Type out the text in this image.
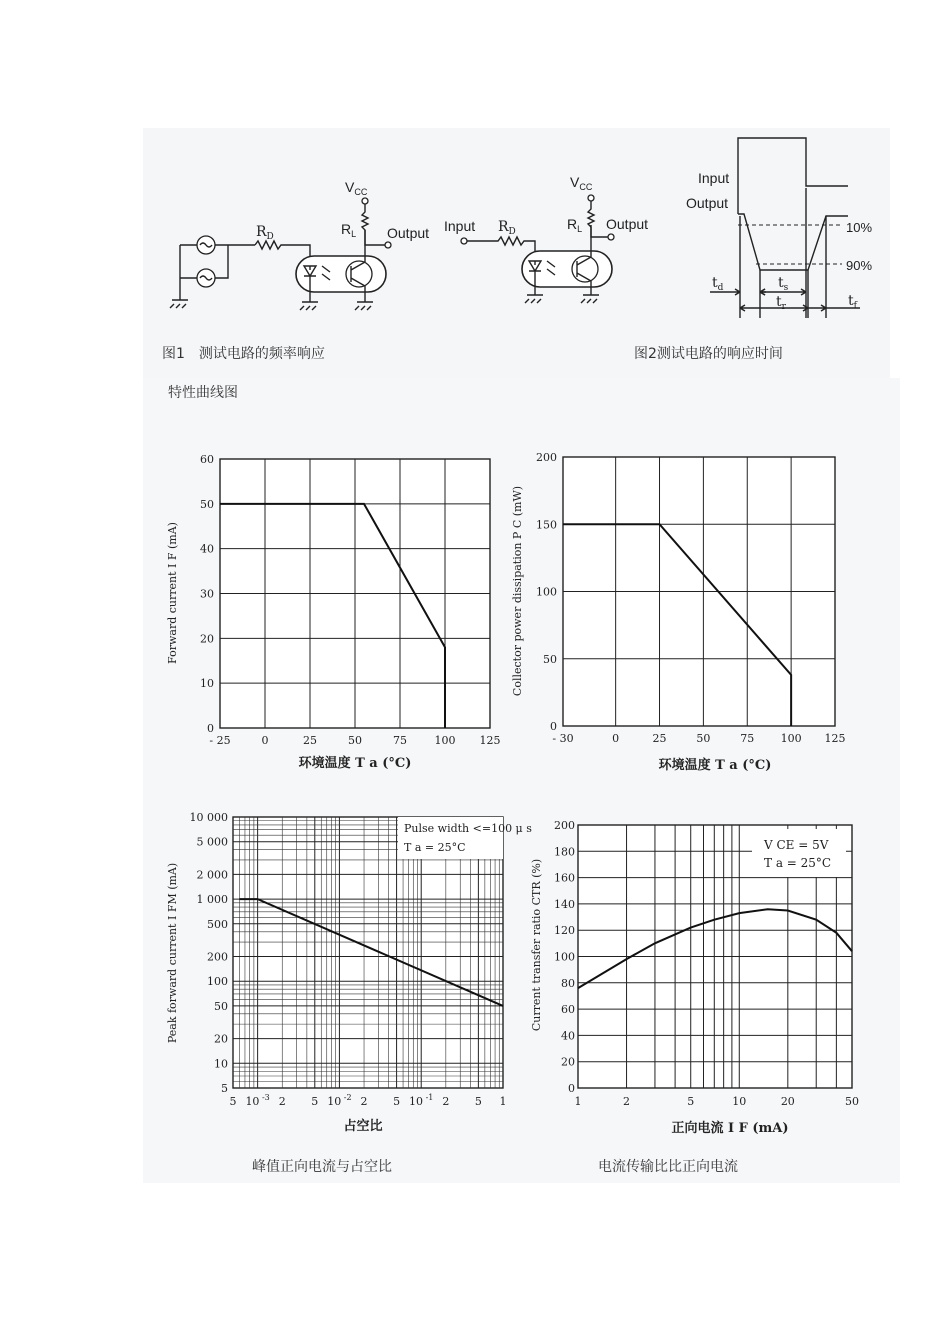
$R_D$
$V_{CC}$
$R_L$ Output Input $R_D$
$V_{CC}$
$R_L$ Output
Input
Output
10%
90%
$t_d$	$t_s$
$t_r$	$t_f$
图1　测试电路的频率响应	图2测试电路的响应时间
特性曲线图
峰值正向电流与占空比	电流传输比比正向电流
- 25	0	25	50	75	100 125
60
50
40
30
20
10
0
Forward current I F (mA)
环境温度 T a (°C)
- 30	0	25	50	75 100 125
200
150
100
50
0
Collector power dissipation P C (mW)
环境温度 T a (°C)
5 10 $^{-3}$ 2 5 10 $^{-2}$ 2 5 10 $^{-1}$ 2 5 1
10 000
5 000
2 000
1 000
500
200
100
50
20
10
5
Pulse width <=100 μ s
T a = 25°C
Peak forward current I FM (mA)
占空比
1	2	5	10	20	50
200
180
160
140
120
100
80
60
40
20
0
V CE = 5V
T a = 25°C
Current transfer ratio CTR (%)
正向电流 I F (mA)
